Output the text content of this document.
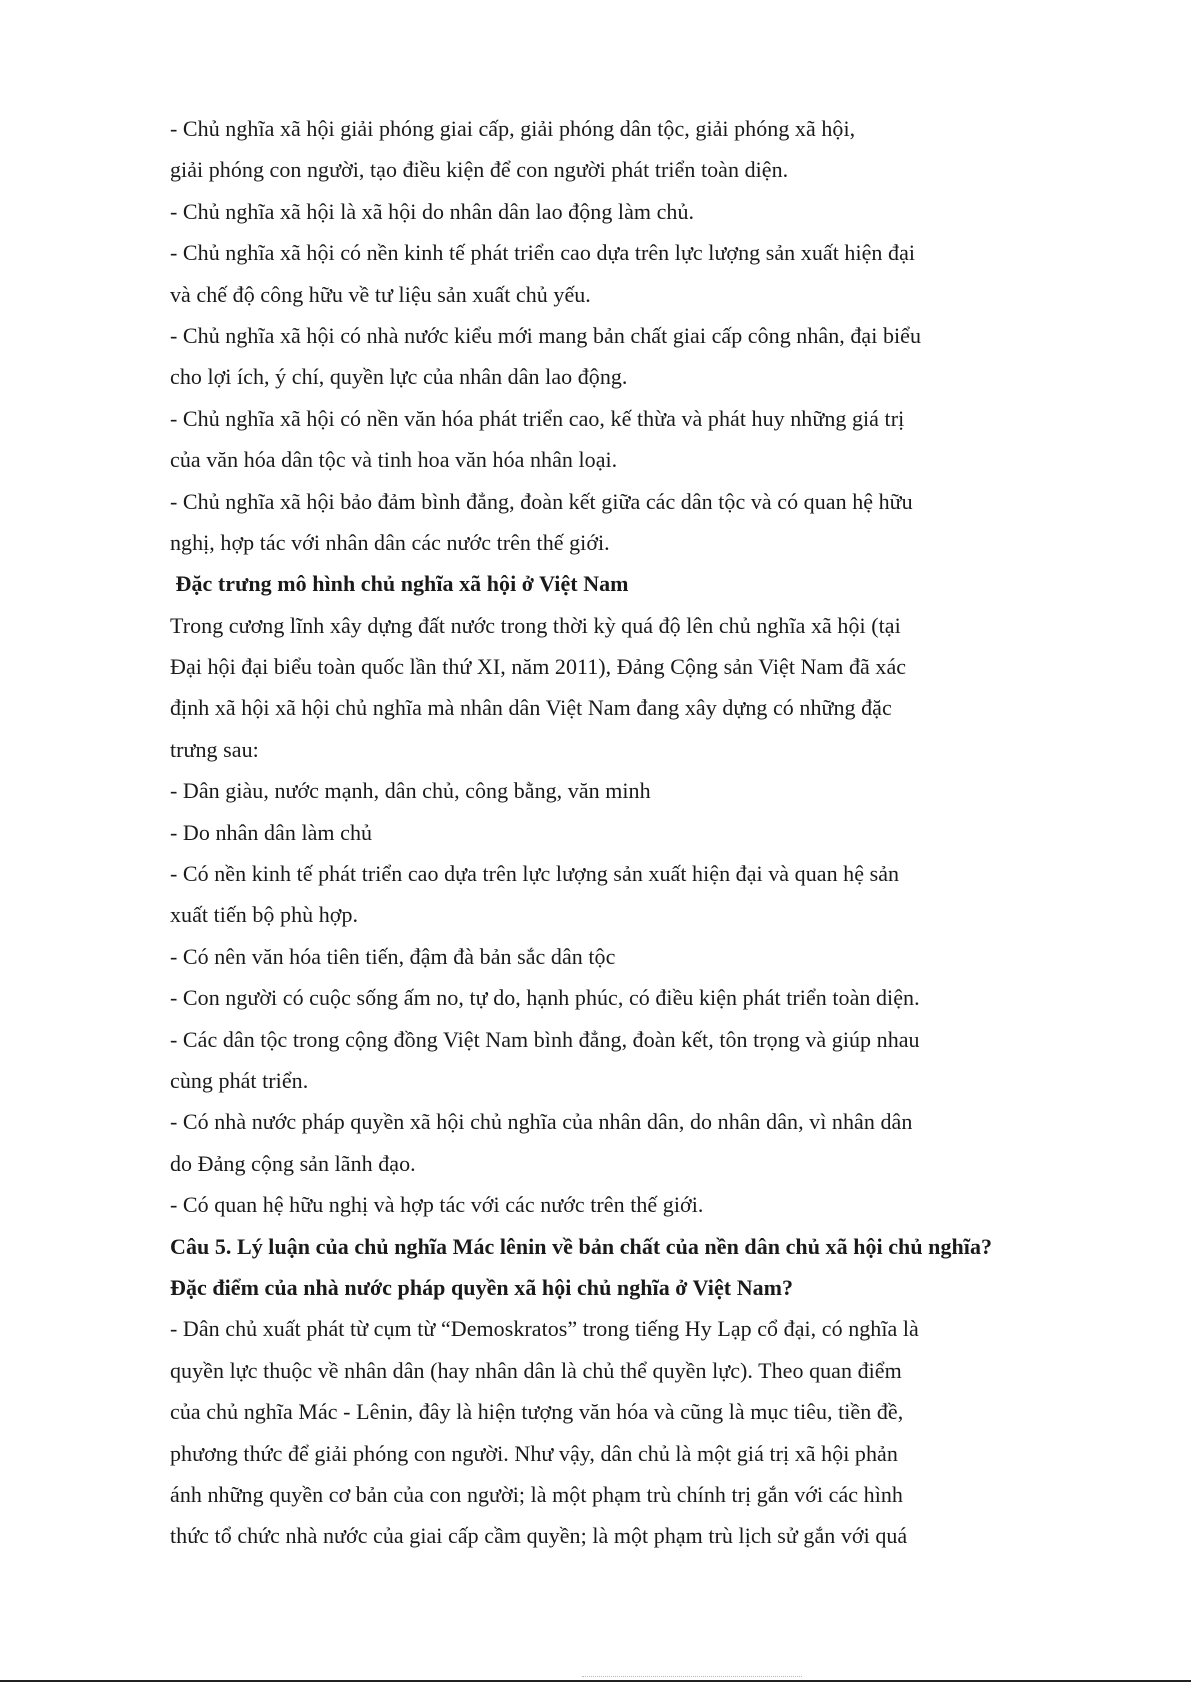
- Chủ nghĩa xã hội giải phóng giai cấp, giải phóng dân tộc, giải phóng xã hội,
giải phóng con người, tạo điều kiện để con người phát triển toàn diện.
- Chủ nghĩa xã hội là xã hội do nhân dân lao động làm chủ.
- Chủ nghĩa xã hội có nền kinh tế phát triển cao dựa trên lực lượng sản xuất hiện đại
và chế độ công hữu về tư liệu sản xuất chủ yếu.
- Chủ nghĩa xã hội có nhà nước kiểu mới mang bản chất giai cấp công nhân, đại biểu
cho lợi ích, ý chí, quyền lực của nhân dân lao động.
- Chủ nghĩa xã hội có nền văn hóa phát triển cao, kế thừa và phát huy những giá trị
của văn hóa dân tộc và tinh hoa văn hóa nhân loại.
- Chủ nghĩa xã hội bảo đảm bình đẳng, đoàn kết giữa các dân tộc và có quan hệ hữu
nghị, hợp tác với nhân dân các nước trên thế giới.
Đặc trưng mô hình chủ nghĩa xã hội ở Việt Nam
Trong cương lĩnh xây dựng đất nước trong thời kỳ quá độ lên chủ nghĩa xã hội (tại
Đại hội đại biểu toàn quốc lần thứ XI, năm 2011), Đảng Cộng sản Việt Nam đã xác
định xã hội xã hội chủ nghĩa mà nhân dân Việt Nam đang xây dựng có những đặc
trưng sau:
- Dân giàu, nước mạnh, dân chủ, công bằng, văn minh
- Do nhân dân làm chủ
- Có nền kinh tế phát triển cao dựa trên lực lượng sản xuất hiện đại và quan hệ sản
xuất tiến bộ phù hợp.
- Có nên văn hóa tiên tiến, đậm đà bản sắc dân tộc
- Con người có cuộc sống ấm no, tự do, hạnh phúc, có điều kiện phát triển toàn diện.
- Các dân tộc trong cộng đồng Việt Nam bình đẳng, đoàn kết, tôn trọng và giúp nhau
cùng phát triển.
- Có nhà nước pháp quyền xã hội chủ nghĩa của nhân dân, do nhân dân, vì nhân dân
do Đảng cộng sản lãnh đạo.
- Có quan hệ hữu nghị và hợp tác với các nước trên thế giới.
Câu 5. Lý luận của chủ nghĩa Mác lênin về bản chất của nền dân chủ xã hội chủ nghĩa?
Đặc điểm của nhà nước pháp quyền xã hội chủ nghĩa ở Việt Nam?
- Dân chủ xuất phát từ cụm từ “Demoskratos” trong tiếng Hy Lạp cổ đại, có nghĩa là
quyền lực thuộc về nhân dân (hay nhân dân là chủ thể quyền lực). Theo quan điểm
của chủ nghĩa Mác - Lênin, đây là hiện tượng văn hóa và cũng là mục tiêu, tiền đề,
phương thức để giải phóng con người. Như vậy, dân chủ là một giá trị xã hội phản
ánh những quyền cơ bản của con người; là một phạm trù chính trị gắn với các hình
thức tổ chức nhà nước của giai cấp cầm quyền; là một phạm trù lịch sử gắn với quá
